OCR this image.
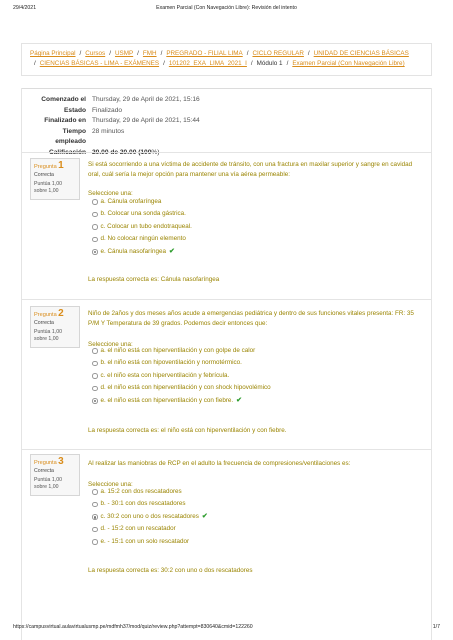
29/4/2021	Examen Parcial (Con Navegación Libre): Revisión del intento
Página Principal / Cursos / USMP / FMH / PREGRADO - FILIAL LIMA / CICLO REGULAR / UNIDAD DE CIENCIAS BÁSICAS
/ CIENCIAS BÁSICAS - LIMA - EXÁMENES / 101202_EXA_LIMA_2021_I / Módulo 1 / Examen Parcial (Con Navegación Libre)
Comenzado el Thursday, 29 de April de 2021, 15:16
Estado Finalizado
Finalizado en Thursday, 29 de April de 2021, 15:44
Tiempo
empleado
28 minutos
Pregunta 1
Correcta
Puntúa 1,00
sobre 1,00
Si está socorriendo a una víctima de accidente de tránsito, con una fractura en maxilar superior y sangre en cavidad oral, cuál sería la mejor opción para mantener una vía aérea permeable:
Seleccione una:
a. Cánula orofaríngea
b. Colocar una sonda gástrica.
c. Colocar un tubo endotraqueal.
d. No colocar ningún elemento
e. Cánula nasofaríngea ✔
La respuesta correcta es: Cánula nasofaríngea
Pregunta 2
Correcta
Puntúa 1,00
sobre 1,00
Niño de 2años y dos meses años acude a emergencias pediátrica y dentro de sus funciones vitales presenta: FR: 35 P/M Y Temperatura de 39 grados. Podemos decir entonces que:
Seleccione una:
a. el niño está con hiperventilación y con golpe de calor
b. el niño está con hipoventilación y normotérmico.
c. el niño esta con hiperventilación y febrícula.
d. el niño está con hiperventilación y con shock hipovolémico
e. el niño está con hiperventilación y con fiebre. ✔
La respuesta correcta es: el niño está con hiperventilación y con fiebre.
Pregunta 3
Correcta
Puntúa 1,00
sobre 1,00
Al realizar las maniobras de RCP en el adulto la frecuencia de compresiones/ventilaciones es:
Seleccione una:
a. 15:2 con dos rescatadores
b. - 30:1 con dos rescatadores
c. 30:2 con uno o dos rescatadores ✔
d. - 15:2 con un rescatador
e. - 15:1 con un solo rescatador
La respuesta correcta es: 30:2 con uno o dos rescatadores
https://campusvirtual.aulavirtualusmp.pe/mdfmh37/mod/quiz/review.php?attempt=830640&cmid=122260	1/7
